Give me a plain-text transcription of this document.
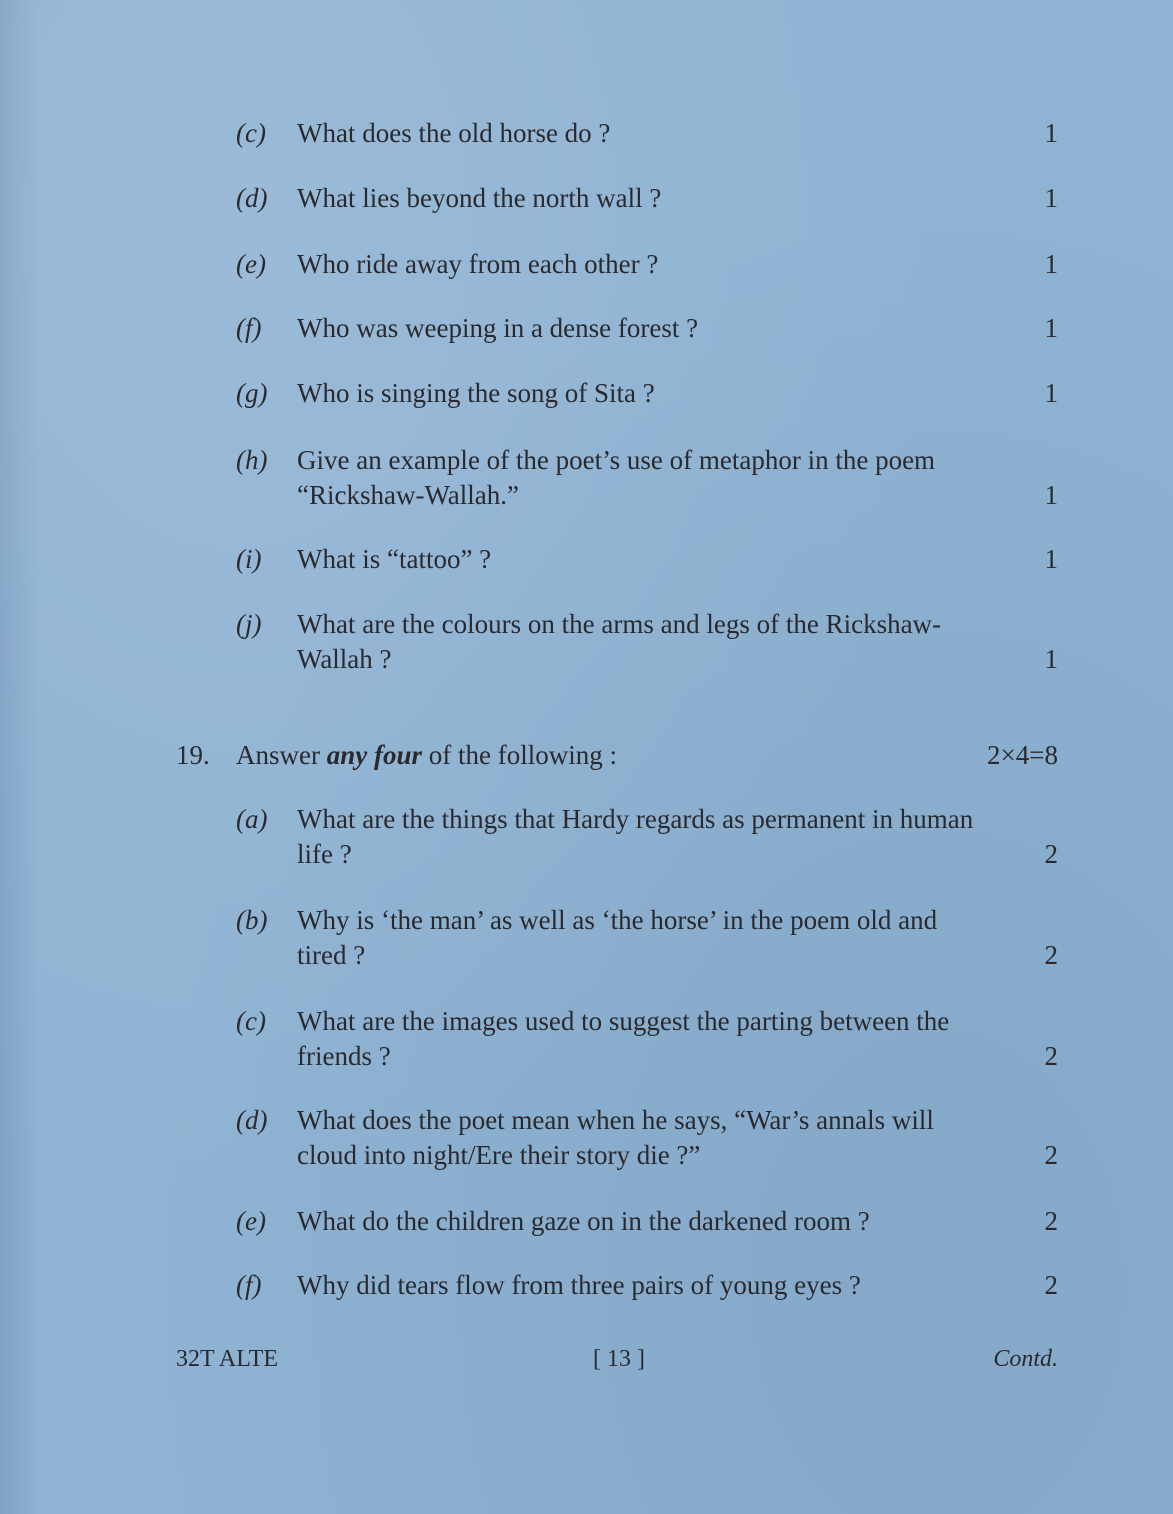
(c) What does the old horse do ?	1
(d) What lies beyond the north wall ?	1
(e) Who ride away from each other ?	1
(f) Who was weeping in a dense forest ?	1
(g) Who is singing the song of Sita ?	1
(h) Give an example of the poet’s use of metaphor in the poem
“Rickshaw-Wallah.”	1
(i) What is “tattoo” ?	1
(j) What are the colours on the arms and legs of the Rickshaw-
Wallah ?	1
19. Answer any four of the following :	2×4=8
(a) What are the things that Hardy regards as permanent in human
life ?	2
(b) Why is ‘the man’ as well as ‘the horse’ in the poem old and
tired ?	2
(c) What are the images used to suggest the parting between the
friends ?	2
(d) What does the poet mean when he says, “War’s annals will
cloud into night/Ere their story die ?”	2
(e) What do the children gaze on in the darkened room ?	2
(f) Why did tears flow from three pairs of young eyes ?	2
32T ALTE	[ 13 ]	Contd.
